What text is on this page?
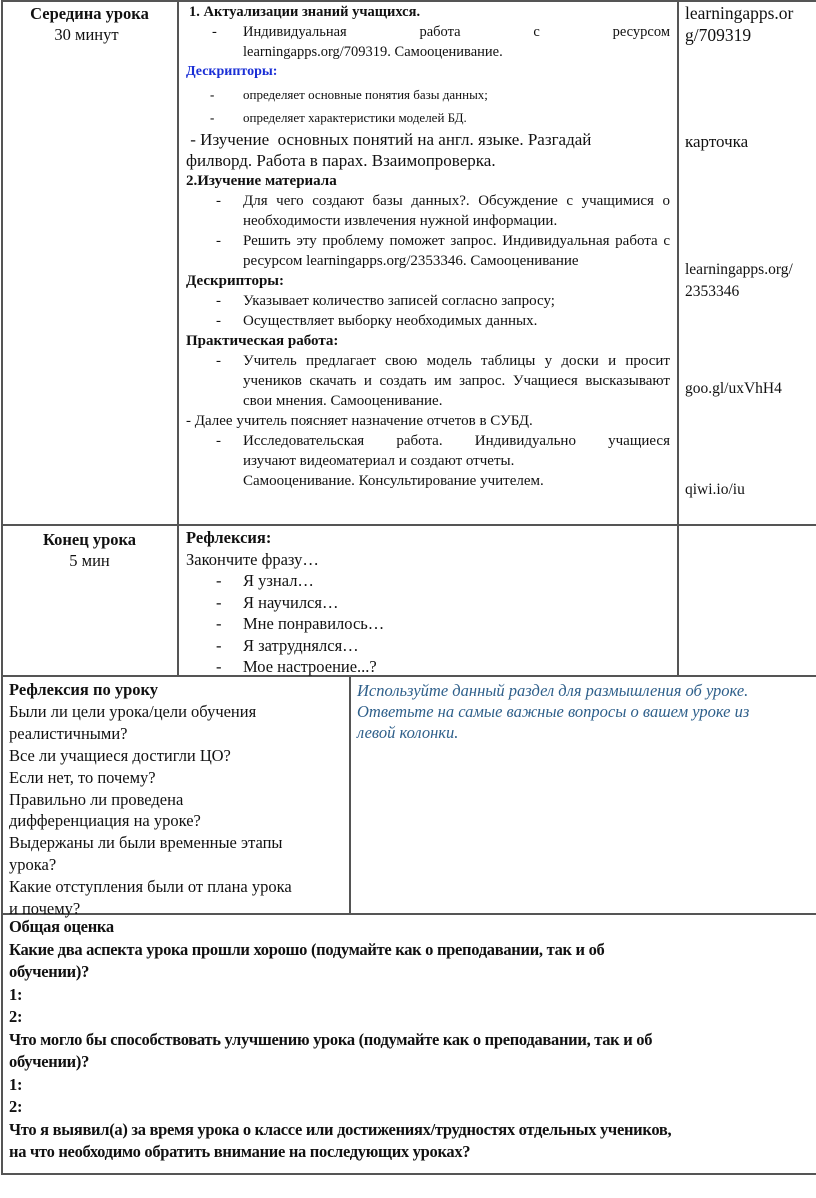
Середина урока
30 минут
1. Актуализации знаний учащихся.
- Индивидуальная работа с ресурсом
learningapps.org/709319. Самооценивание.
Дескрипторы:
- определяет основные понятия базы данных;
- определяет характеристики моделей БД.
- Изучение  основных понятий на англ. языке. Разгадай
филворд. Работа в парах. Взаимопроверка.
2.Изучение материала
- Для чего создают базы данных?. Обсуждение с учащимися о необходимости извлечения нужной информации.
- Решить эту проблему поможет запрос. Индивидуальная работа с ресурсом learningapps.org/2353346. Самооценивание
Дескрипторы:
- Указывает количество записей согласно запросу;
- Осуществляет выборку необходимых данных.
Практическая работа:
- Учитель предлагает свою модель таблицы у доски и просит учеников скачать и создать им запрос. Учащиеся высказывают свои мнения. Самооценивание.
- Далее учитель поясняет назначение отчетов в СУБД.
- Исследовательская работа. Индивидуально учащиеся
изучают видеоматериал и создают отчеты.
Самооценивание. Консультирование учителем.
learningapps.or
g/709319
карточка
learningapps.org/
2353346
goo.gl/uxVhH4
qiwi.io/iu
Конец урока
5 мин
Рефлексия:
Закончите фразу…
- Я узнал…
- Я научился…
- Мне понравилось…
- Я затруднялся…
- Мое настроение...?
Рефлексия по уроку
Были ли цели урока/цели обучения
реалистичными?
Все ли учащиеся достигли ЦО?
Если нет, то почему?
Правильно ли проведена
дифференциация на уроке?
Выдержаны ли были временные этапы
урока?
Какие отступления были от плана урока
и почему?
Используйте данный раздел для размышления об уроке.
Ответьте на самые важные вопросы о вашем уроке из
левой колонки.
Общая оценка
Какие два аспекта урока прошли хорошо (подумайте как о преподавании, так и об
обучении)?
1:
2:
Что могло бы способствовать улучшению урока (подумайте как о преподавании, так и об
обучении)?
1:
2:
Что я выявил(а) за время урока о классе или достижениях/трудностях отдельных учеников,
на что необходимо обратить внимание на последующих уроках?
